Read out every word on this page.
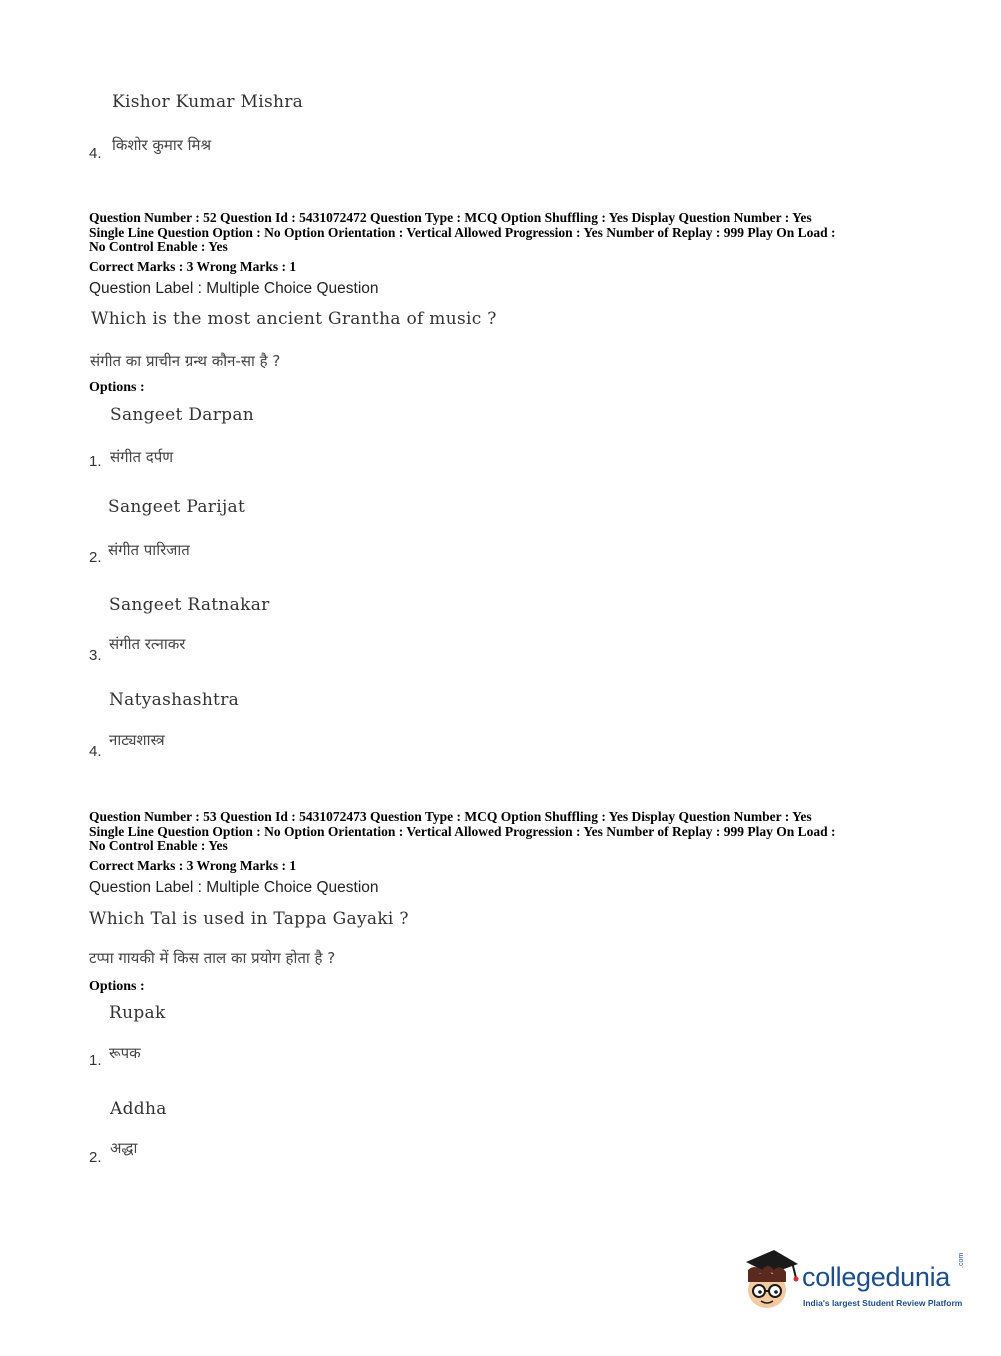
Kishor Kumar Mishra
4. किशोर कुमार मिश्र
Question Number : 52 Question Id : 5431072472 Question Type : MCQ Option Shuffling : Yes Display Question Number : Yes
Single Line Question Option : No Option Orientation : Vertical Allowed Progression : Yes Number of Replay : 999 Play On Load :
No Control Enable : Yes
Correct Marks : 3 Wrong Marks : 1
Question Label : Multiple Choice Question
Which is the most ancient Grantha of music ?
संगीत का प्राचीन ग्रन्थ कौन-सा है ?
Options :
Sangeet Darpan
1. संगीत दर्पण
Sangeet Parijat
2. संगीत पारिजात
Sangeet Ratnakar
3.
संगीत रत्नाकर
Natyashashtra
4.
नाट्यशास्त्र
Question Number : 53 Question Id : 5431072473 Question Type : MCQ Option Shuffling : Yes Display Question Number : Yes
Single Line Question Option : No Option Orientation : Vertical Allowed Progression : Yes Number of Replay : 999 Play On Load :
No Control Enable : Yes
Correct Marks : 3 Wrong Marks : 1
Question Label : Multiple Choice Question
Which Tal is used in Tappa Gayaki ?
टप्पा गायकी में किस ताल का प्रयोग होता है ?
Options :
Rupak
1. रूपक
Addha
2.
अद्धा
collegedunia
.com
India's largest Student Review Platform
